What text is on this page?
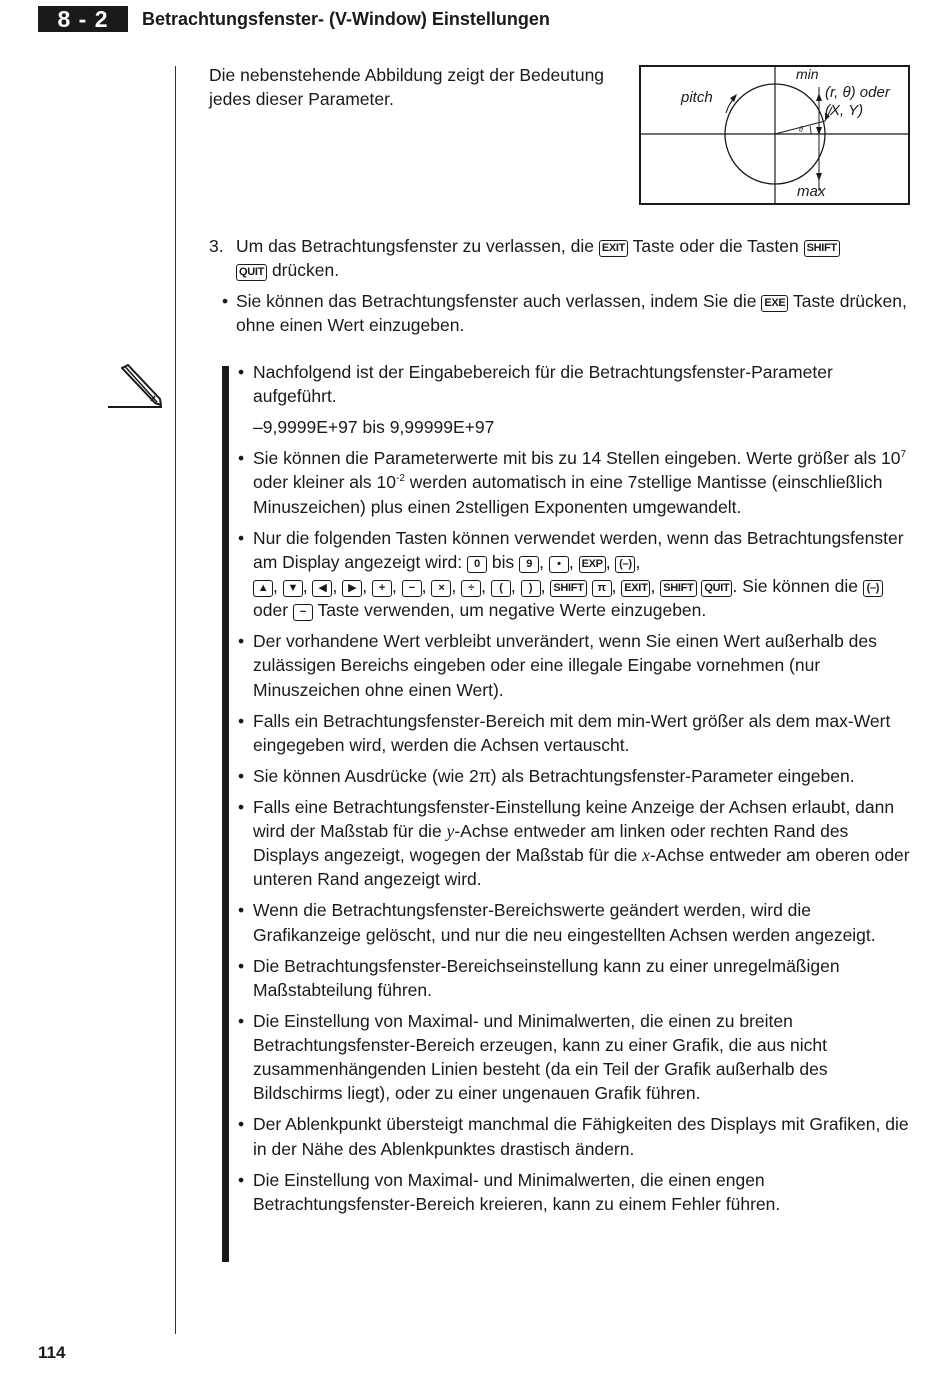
8 - 2	Betrachtungsfenster- (V-Window) Einstellungen
Die nebenstehende Abbildung zeigt der Bedeutung jedes dieser Parameter.
min
pitch	(r, θ) oder
(X, Y)
θ
max
3. Um das Betrachtungsfenster zu verlassen, die EXIT Taste oder die Tasten SHIFT
QUIT drücken.
• Sie können das Betrachtungsfenster auch verlassen, indem Sie die EXE Taste drücken, ohne einen Wert einzugeben.
• Nachfolgend ist der Eingabebereich für die Betrachtungsfenster-Parameter aufgeführt.
–9,9999E+97 bis 9,99999E+97
• Sie können die Parameterwerte mit bis zu 14 Stellen eingeben. Werte größer als $10^7$ oder kleiner als $10^{-2}$ werden automatisch in eine 7stellige Mantisse (einschließlich Minuszeichen) plus einen 2stelligen Exponenten umgewandelt.
• Nur die folgenden Tasten können verwendet werden, wenn das Betrachtungsfenster am Display angezeigt wird: 0 bis 9 , • , EXP , (–) ,
▲ , ▼ , ◀ , ▶ , + , − , × , ÷ , ( , ) , SHIFT π , EXIT , SHIFT QUIT . Sie können die (–) oder − Taste verwenden, um negative Werte einzugeben.
• Der vorhandene Wert verbleibt unverändert, wenn Sie einen Wert außerhalb des zulässigen Bereichs eingeben oder eine illegale Eingabe vornehmen (nur Minuszeichen ohne einen Wert).
• Falls ein Betrachtungsfenster-Bereich mit dem min-Wert größer als dem max-Wert eingegeben wird, werden die Achsen vertauscht.
• Sie können Ausdrücke (wie 2π) als Betrachtungsfenster-Parameter eingeben.
• Falls eine Betrachtungsfenster-Einstellung keine Anzeige der Achsen erlaubt, dann wird der Maßstab für die y-Achse entweder am linken oder rechten Rand des Displays angezeigt, wogegen der Maßstab für die x-Achse entweder am oberen oder unteren Rand angezeigt wird.
• Wenn die Betrachtungsfenster-Bereichswerte geändert werden, wird die Grafikanzeige gelöscht, und nur die neu eingestellten Achsen werden angezeigt.
• Die Betrachtungsfenster-Bereichseinstellung kann zu einer unregelmäßigen Maßstabteilung führen.
• Die Einstellung von Maximal- und Minimalwerten, die einen zu breiten Betrachtungsfenster-Bereich erzeugen, kann zu einer Grafik, die aus nicht zusammenhängenden Linien besteht (da ein Teil der Grafik außerhalb des Bildschirms liegt), oder zu einer ungenauen Grafik führen.
• Der Ablenkpunkt übersteigt manchmal die Fähigkeiten des Displays mit Grafiken, die in der Nähe des Ablenkpunktes drastisch ändern.
• Die Einstellung von Maximal- und Minimalwerten, die einen engen Betrachtungsfenster-Bereich kreieren, kann zu einem Fehler führen.
114
